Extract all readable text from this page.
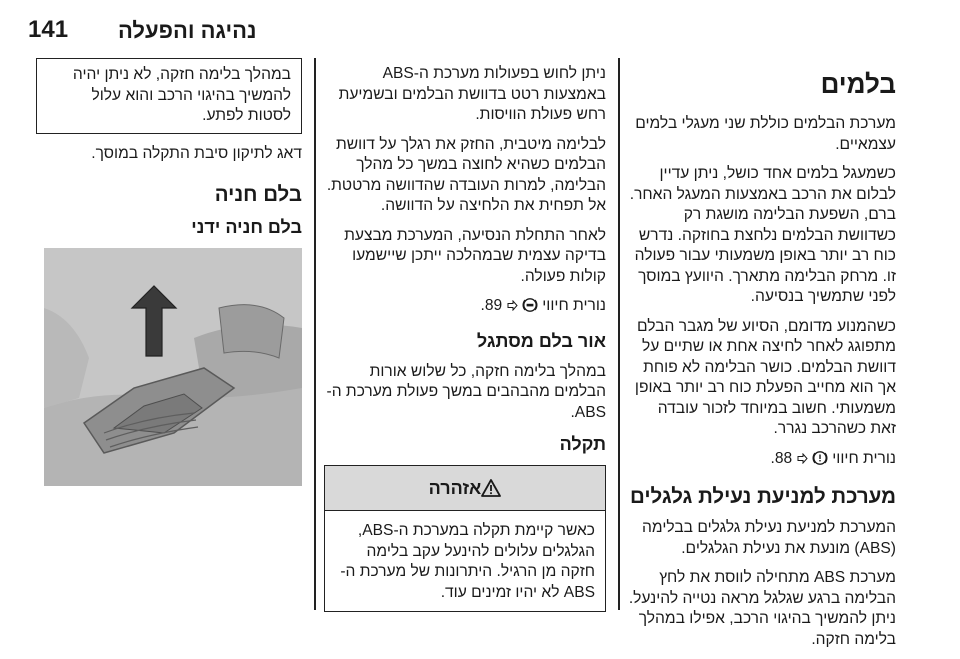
141 נהיגה והפעלה
בלמים

מערכת הבלמים כוללת שני מעגלי בלמים עצמאיים.

כשמעגל בלמים אחד כושל, ניתן עדיין לבלום את הרכב באמצעות המעגל האחר. ברם, השפעת הבלימה מושגת רק כשדוושת הבלמים נלחצת בחוזקה. נדרש כוח רב יותר באופן משמעותי עבור פעולה זו. מרחק הבלימה מתארך. היוועץ במוסך לפני שתמשיך בנסיעה.

כשהמנוע מדומם, הסיוע של מגבר הבלם מתפוגג לאחר לחיצה אחת או שתיים על דוושת הבלמים. כושר הבלימה לא פוחת אך הוא מחייב הפעלת כוח רב יותר באופן משמעותי. חשוב במיוחד לזכור עובדה זאת כשהרכב נגרר.

נורית חיווי   88.

מערכת למניעת נעילת גלגלים

המערכת למניעת נעילת גלגלים בבלימה (ABS) מונעת את נעילת הגלגלים.

מערכת ABS מתחילה לווסת את לחץ הבלימה ברגע שגלגל מראה נטייה להינעל. ניתן להמשיך בהיגוי הרכב, אפילו במהלך בלימה חזקה.

ניתן לחוש בפעולות מערכת ה-ABS באמצעות רטט בדוושת הבלמים ובשמיעת רחש פעולת הוויסות.

לבלימה מיטבית, החזק את רגלך על דוושת הבלמים כשהיא לחוצה במשך כל מהלך הבלימה, למרות העובדה שהדוושה מרטטת. אל תפחית את הלחיצה על הדוושה.

לאחר התחלת הנסיעה, המערכת מבצעת בדיקה עצמית שבמהלכה ייתכן שיישמעו קולות פעולה.

נורית חיווי   89.

אור בלם מסתגל

במהלך בלימה חזקה, כל שלוש אורות הבלמים מהבהבים במשך פעולת מערכת ה-ABS.

תקלה
אזהרה
כאשר קיימת תקלה במערכת ה-ABS, הגלגלים עלולים להינעל עקב בלימה חזקה מן הרגיל. היתרונות של מערכת ה-ABS לא יהיו זמינים עוד.
במהלך בלימה חזקה, לא ניתן יהיה להמשיך בהיגוי הרכב והוא עלול לסטות לפתע.

דאג לתיקון סיבת התקלה במוסך.

בלם חניה
בלם חניה ידני
